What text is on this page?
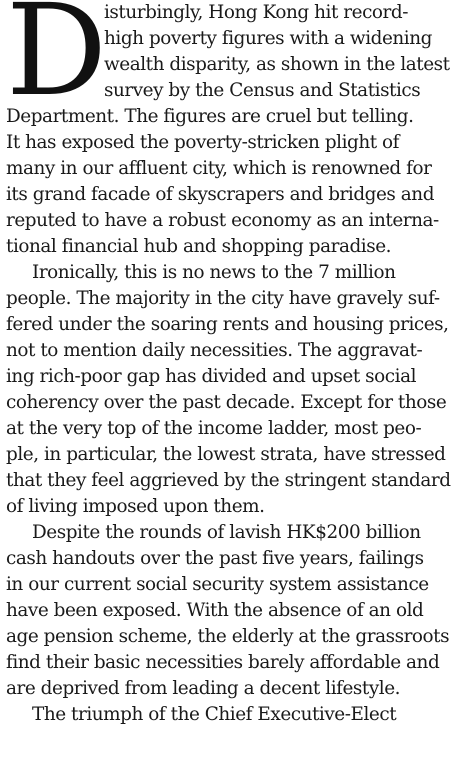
D
isturbingly, Hong Kong hit record-
high poverty figures with a widening
wealth disparity, as shown in the latest
survey by the Census and Statistics
Department. The figures are cruel but telling.
It has exposed the poverty-stricken plight of
many in our affluent city, which is renowned for
its grand facade of skyscrapers and bridges and
reputed to have a robust economy as an interna-
tional financial hub and shopping paradise.
Ironically, this is no news to the 7 million
people. The majority in the city have gravely suf-
fered under the soaring rents and housing prices,
not to mention daily necessities. The aggravat-
ing rich-poor gap has divided and upset social
coherency over the past decade. Except for those
at the very top of the income ladder, most peo-
ple, in particular, the lowest strata, have stressed
that they feel aggrieved by the stringent standard
of living imposed upon them.
Despite the rounds of lavish HK$200 billion
cash handouts over the past five years, failings
in our current social security system assistance
have been exposed. With the absence of an old
age pension scheme, the elderly at the grassroots
find their basic necessities barely affordable and
are deprived from leading a decent lifestyle.
The triumph of the Chief Executive-Elect
